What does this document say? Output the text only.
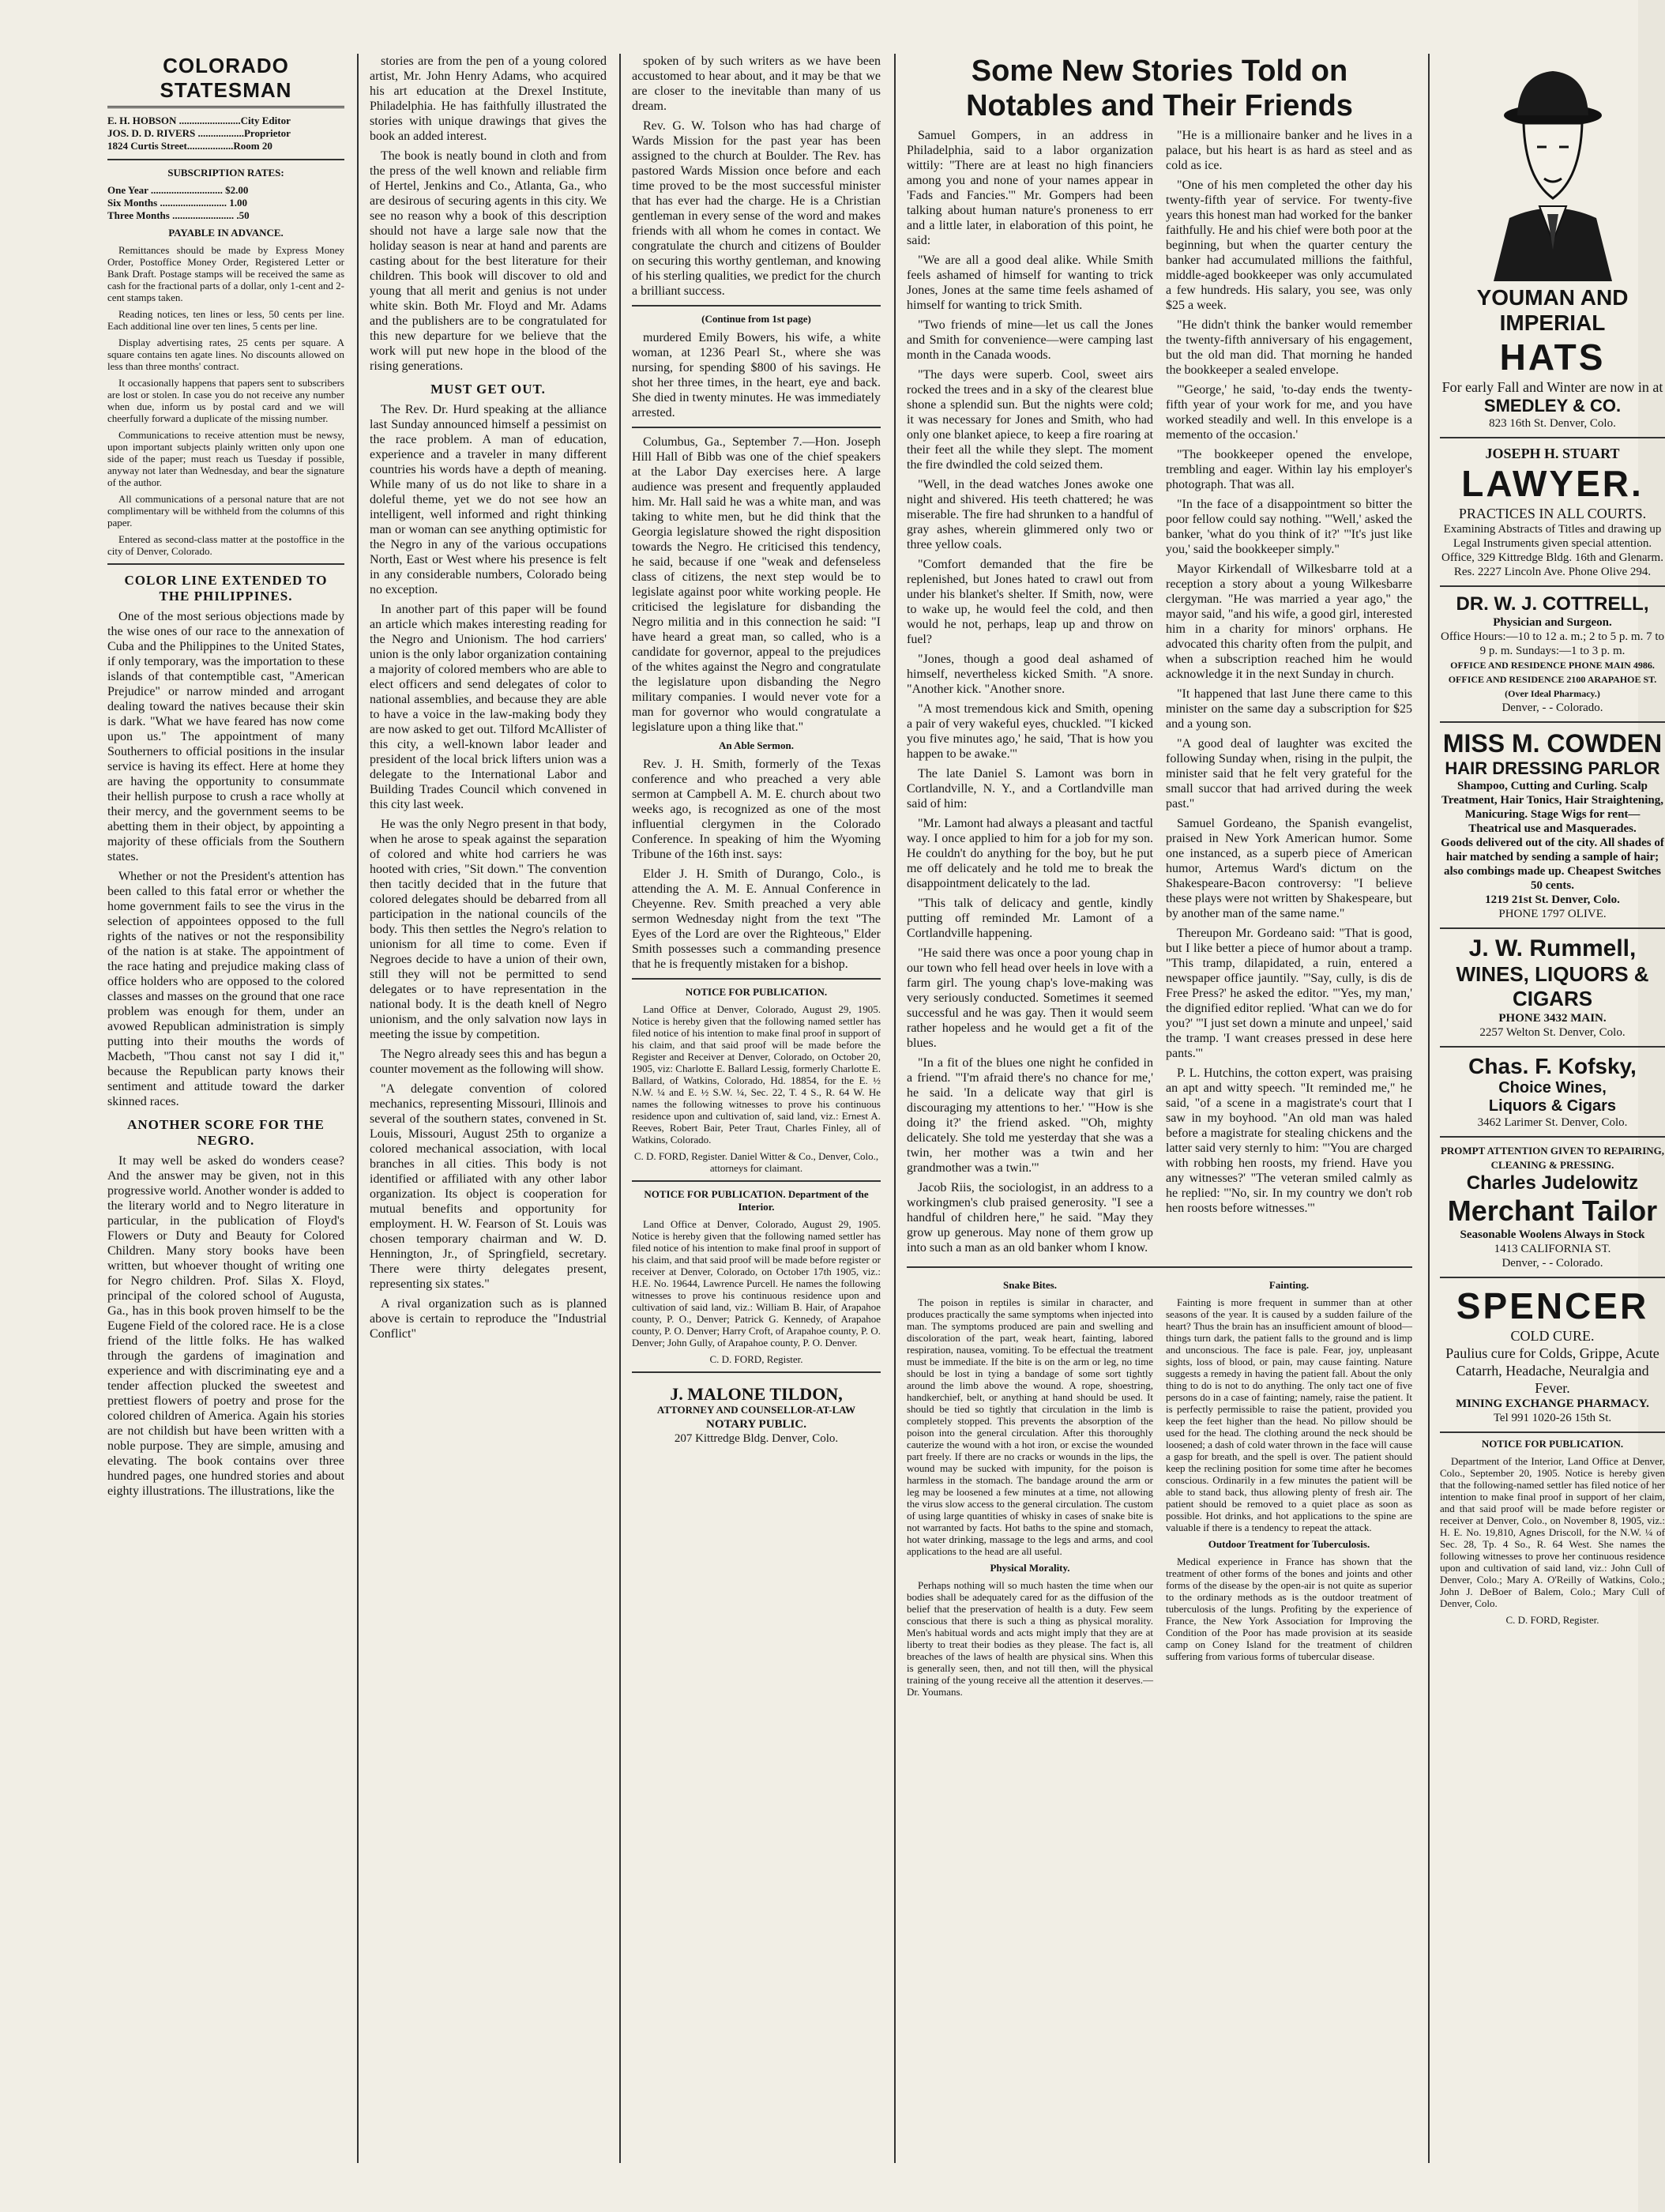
COLORADO STATESMAN
E. H. HOBSON ........................City Editor
JOS. D. D. RIVERS ..................Proprietor
1824 Curtis Street..................Room 20
SUBSCRIPTION RATES:
One Year ............................ $2.00
Six Months .......................... 1.00
Three Months ........................ .50
PAYABLE IN ADVANCE.

Remittances should be made by Express Money Order, Postoffice Money Order, Registered Letter or Bank Draft. Postage stamps will be received the same as cash for the fractional parts of a dollar, only 1-cent and 2-cent stamps taken.

Reading notices, ten lines or less, 50 cents per line. Each additional line over ten lines, 5 cents per line.

Display advertising rates, 25 cents per square. A square contains ten agate lines. No discounts allowed on less than three months' contract.

It occasionally happens that papers sent to subscribers are lost or stolen. In case you do not receive any number when due, inform us by postal card and we will cheerfully forward a duplicate of the missing number.

Communications to receive attention must be newsy, upon important subjects plainly written only upon one side of the paper; must reach us Tuesday if possible, anyway not later than Wednesday, and bear the signature of the author.

All communications of a personal nature that are not complimentary will be withheld from the columns of this paper.

Entered as second-class matter at the postoffice in the city of Denver, Colorado.

COLOR LINE EXTENDED TO THE PHILIPPINES.

One of the most serious objections made by the wise ones of our race to the annexation of Cuba and the Philippines to the United States, if only temporary, was the importation to these islands of that contemptible cast, "American Prejudice" or narrow minded and arrogant dealing toward the natives because their skin is dark. "What we have feared has now come upon us." The appointment of many Southerners to official positions in the insular service is having its effect. Here at home they are having the opportunity to consummate their hellish purpose to crush a race wholly at their mercy, and the government seems to be abetting them in their object, by appointing a majority of these officials from the Southern states.

Whether or not the President's attention has been called to this fatal error or whether the home government fails to see the virus in the selection of appointees opposed to the full rights of the natives or not the responsibility of the nation is at stake. The appointment of the race hating and prejudice making class of office holders who are opposed to the colored classes and masses on the ground that one race problem was enough for them, under an avowed Republican administration is simply putting into their mouths the words of Macbeth, "Thou canst not say I did it," because the Republican party knows their sentiment and attitude toward the darker skinned races.

ANOTHER SCORE FOR THE NEGRO.

It may well be asked do wonders cease? And the answer may be given, not in this progressive world. Another wonder is added to the literary world and to Negro literature in particular, in the publication of Floyd's Flowers or Duty and Beauty for Colored Children. Many story books have been written, but whoever thought of writing one for Negro children. Prof. Silas X. Floyd, principal of the colored school of Augusta, Ga., has in this book proven himself to be the Eugene Field of the colored race. He is a close friend of the little folks. He has walked through the gardens of imagination and experience and with discriminating eye and a tender affection plucked the sweetest and prettiest flowers of poetry and prose for the colored children of America. Again his stories are not childish but have been written with a noble purpose. They are simple, amusing and elevating. The book contains over three hundred pages, one hundred stories and about eighty illustrations. The illustrations, like the

stories are from the pen of a young colored artist, Mr. John Henry Adams, who acquired his art education at the Drexel Institute, Philadelphia. He has faithfully illustrated the stories with unique drawings that gives the book an added interest.

The book is neatly bound in cloth and from the press of the well known and reliable firm of Hertel, Jenkins and Co., Atlanta, Ga., who are desirous of securing agents in this city. We see no reason why a book of this description should not have a large sale now that the holiday season is near at hand and parents are casting about for the best literature for their children. This book will discover to old and young that all merit and genius is not under white skin. Both Mr. Floyd and Mr. Adams and the publishers are to be congratulated for this new departure for we believe that the work will put new hope in the blood of the rising generations.

MUST GET OUT.

The Rev. Dr. Hurd speaking at the alliance last Sunday announced himself a pessimist on the race problem. A man of education, experience and a traveler in many different countries his words have a depth of meaning. While many of us do not like to share in a doleful theme, yet we do not see how an intelligent, well informed and right thinking man or woman can see anything optimistic for the Negro in any of the various occupations North, East or West where his presence is felt in any considerable numbers, Colorado being no exception.

In another part of this paper will be found an article which makes interesting reading for the Negro and Unionism. The hod carriers' union is the only labor organization containing a majority of colored members who are able to elect officers and send delegates of color to national assemblies, and because they are able to have a voice in the law-making body they are now asked to get out. Tilford McAllister of this city, a well-known labor leader and president of the local brick lifters union was a delegate to the International Labor and Building Trades Council which convened in this city last week.

He was the only Negro present in that body, when he arose to speak against the separation of colored and white hod carriers he was hooted with cries, "Sit down." The convention then tacitly decided that in the future that colored delegates should be debarred from all participation in the national councils of the body. This then settles the Negro's relation to unionism for all time to come. Even if Negroes decide to have a union of their own, still they will not be permitted to send delegates or to have representation in the national body. It is the death knell of Negro unionism, and the only salvation now lays in meeting the issue by competition.

The Negro already sees this and has begun a counter movement as the following will show.

"A delegate convention of colored mechanics, representing Missouri, Illinois and several of the southern states, convened in St. Louis, Missouri, August 25th to organize a colored mechanical association, with local branches in all cities. This body is not identified or affiliated with any other labor organization. Its object is cooperation for mutual benefits and opportunity for employment. H. W. Fearson of St. Louis was chosen temporary chairman and W. D. Hennington, Jr., of Springfield, secretary. There were thirty delegates present, representing six states."

A rival organization such as is planned above is certain to reproduce the "Industrial Conflict"

spoken of by such writers as we have been accustomed to hear about, and it may be that we are closer to the inevitable than many of us dream.

Rev. G. W. Tolson who has had charge of Wards Mission for the past year has been assigned to the church at Boulder. The Rev. has pastored Wards Mission once before and each time proved to be the most successful minister that has ever had the charge. He is a Christian gentleman in every sense of the word and makes friends with all whom he comes in contact. We congratulate the church and citizens of Boulder on securing this worthy gentleman, and knowing of his sterling qualities, we predict for the church a brilliant success.

(Continue from 1st page)

murdered Emily Bowers, his wife, a white woman, at 1236 Pearl St., where she was nursing, for spending $800 of his savings. He shot her three times, in the heart, eye and back. She died in twenty minutes. He was immediately arrested.

Columbus, Ga., September 7.—Hon. Joseph Hill Hall of Bibb was one of the chief speakers at the Labor Day exercises here. A large audience was present and frequently applauded him. Mr. Hall said he was a white man, and was taking to white men, but he did think that the Georgia legislature showed the right disposition towards the Negro. He criticised this tendency, he said, because if one "weak and defenseless class of citizens, the next step would be to legislate against poor white working people. He criticised the legislature for disbanding the Negro militia and in this connection he said: "I have heard a great man, so called, who is a candidate for governor, appeal to the prejudices of the whites against the Negro and congratulate the legislature upon disbanding the Negro military companies. I would never vote for a man for governor who would congratulate a legislature upon a thing like that."

An Able Sermon.

Rev. J. H. Smith, formerly of the Texas conference and who preached a very able sermon at Campbell A. M. E. church about two weeks ago, is recognized as one of the most influential clergymen in the Colorado Conference. In speaking of him the Wyoming Tribune of the 16th inst. says:

Elder J. H. Smith of Durango, Colo., is attending the A. M. E. Annual Conference in Cheyenne. Rev. Smith preached a very able sermon Wednesday night from the text "The Eyes of the Lord are over the Righteous," Elder Smith possesses such a commanding presence that he is frequently mistaken for a bishop.

NOTICE FOR PUBLICATION.

Land Office at Denver, Colorado, August 29, 1905. Notice is hereby given that the following named settler has filed notice of his intention to make final proof in support of his claim, and that said proof will be made before the Register and Receiver at Denver, Colorado, on October 20, 1905, viz: Charlotte E. Ballard Lessig, formerly Charlotte E. Ballard, of Watkins, Colorado, Hd. 18854, for the E. ½ N.W. ¼ and E. ½ S.W. ¼, Sec. 22, T. 4 S., R. 64 W. He names the following witnesses to prove his continuous residence upon and cultivation of, said land, viz.: Ernest A. Reeves, Robert Bair, Peter Traut, Charles Finley, all of Watkins, Colorado.

C. D. FORD, Register. Daniel Witter & Co., Denver, Colo., attorneys for claimant.

NOTICE FOR PUBLICATION. Department of the Interior.

Land Office at Denver, Colorado, August 29, 1905. Notice is hereby given that the following named settler has filed notice of his intention to make final proof in support of his claim, and that said proof will be made before register or receiver at Denver, Colorado, on October 17th 1905, viz.: H.E. No. 19644, Lawrence Purcell. He names the following witnesses to prove his continuous residence upon and cultivation of said land, viz.: William B. Hair, of Arapahoe county, P. O., Denver; Patrick G. Kennedy, of Arapahoe county, P. O. Denver; Harry Croft, of Arapahoe county, P. O. Denver; John Gully, of Arapahoe county, P. O. Denver.

C. D. FORD, Register.

J. MALONE TILDON,
ATTORNEY AND COUNSELLOR-AT-LAW
NOTARY PUBLIC.
207 Kittredge Bldg. Denver, Colo.
Some New Stories Told on Notables and Their Friends

Samuel Gompers, in an address in Philadelphia, said to a labor organization wittily: "There are at least no high financiers among you and none of your names appear in 'Fads and Fancies.'" Mr. Gompers had been talking about human nature's proneness to err and a little later, in elaboration of this point, he said:

"We are all a good deal alike. While Smith feels ashamed of himself for wanting to trick Jones, Jones at the same time feels ashamed of himself for wanting to trick Smith.

"Two friends of mine—let us call the Jones and Smith for convenience—were camping last month in the Canada woods.

"The days were superb. Cool, sweet airs rocked the trees and in a sky of the clearest blue shone a splendid sun. But the nights were cold; it was necessary for Jones and Smith, who had only one blanket apiece, to keep a fire roaring at their feet all the while they slept. The moment the fire dwindled the cold seized them.

"Well, in the dead watches Jones awoke one night and shivered. His teeth chattered; he was miserable. The fire had shrunken to a handful of gray ashes, wherein glimmered only two or three yellow coals.

"Comfort demanded that the fire be replenished, but Jones hated to crawl out from under his blanket's shelter. If Smith, now, were to wake up, he would feel the cold, and then would he not, perhaps, leap up and throw on fuel?

"Jones, though a good deal ashamed of himself, nevertheless kicked Smith. "A snore. "Another kick. "Another snore.

"A most tremendous kick and Smith, opening a pair of very wakeful eyes, chuckled. "'I kicked you five minutes ago,' he said, 'That is how you happen to be awake.'"

The late Daniel S. Lamont was born in Cortlandville, N. Y., and a Cortlandville man said of him:

"Mr. Lamont had always a pleasant and tactful way. I once applied to him for a job for my son. He couldn't do anything for the boy, but he put me off delicately and he told me to break the disappointment delicately to the lad.

"This talk of delicacy and gentle, kindly putting off reminded Mr. Lamont of a Cortlandville happening.

"He said there was once a poor young chap in our town who fell head over heels in love with a farm girl. The young chap's love-making was very seriously conducted. Sometimes it seemed successful and he was gay. Then it would seem rather hopeless and he would get a fit of the blues.

"In a fit of the blues one night he confided in a friend. "'I'm afraid there's no chance for me,' he said. 'In a delicate way that girl is discouraging my attentions to her.' "'How is she doing it?' the friend asked. "'Oh, mighty delicately. She told me yesterday that she was a twin, her mother was a twin and her grandmother was a twin.'"

Jacob Riis, the sociologist, in an address to a workingmen's club praised generosity. "I see a handful of children here," he said. "May they grow up generous. May none of them grow up into such a man as an old banker whom I know.

"He is a millionaire banker and he lives in a palace, but his heart is as hard as steel and as cold as ice.

"One of his men completed the other day his twenty-fifth year of service. For twenty-five years this honest man had worked for the banker faithfully. He and his chief were both poor at the beginning, but when the quarter century the banker had accumulated millions the faithful, middle-aged bookkeeper was only accumulated a few hundreds. His salary, you see, was only $25 a week.

"He didn't think the banker would remember the twenty-fifth anniversary of his engagement, but the old man did. That morning he handed the bookkeeper a sealed envelope.

"'George,' he said, 'to-day ends the twenty-fifth year of your work for me, and you have worked steadily and well. In this envelope is a memento of the occasion.'

"The bookkeeper opened the envelope, trembling and eager. Within lay his employer's photograph. That was all.

"In the face of a disappointment so bitter the poor fellow could say nothing. "'Well,' asked the banker, 'what do you think of it?' "'It's just like you,' said the bookkeeper simply."

Mayor Kirkendall of Wilkesbarre told at a reception a story about a young Wilkesbarre clergyman. "He was married a year ago," the mayor said, "and his wife, a good girl, interested him in a charity for minors' orphans. He advocated this charity often from the pulpit, and when a subscription reached him he would acknowledge it in the next Sunday in church.

"It happened that last June there came to this minister on the same day a subscription for $25 and a young son.

"A good deal of laughter was excited the following Sunday when, rising in the pulpit, the minister said that he felt very grateful for the small succor that had arrived during the week past."

Samuel Gordeano, the Spanish evangelist, praised in New York American humor. Some one instanced, as a superb piece of American humor, Artemus Ward's dictum on the Shakespeare-Bacon controversy: "I believe these plays were not written by Shakespeare, but by another man of the same name."

Thereupon Mr. Gordeano said: "That is good, but I like better a piece of humor about a tramp. "This tramp, dilapidated, a ruin, entered a newspaper office jauntily. "'Say, cully, is dis de Free Press?' he asked the editor. "'Yes, my man,' the dignified editor replied. 'What can we do for you?' "'I just set down a minute and unpeel,' said the tramp. 'I want creases pressed in dese here pants.'"

P. L. Hutchins, the cotton expert, was praising an apt and witty speech. "It reminded me," he said, "of a scene in a magistrate's court that I saw in my boyhood. "An old man was haled before a magistrate for stealing chickens and the latter said very sternly to him: "'You are charged with robbing hen roosts, my friend. Have you any witnesses?' "The veteran smiled calmly as he replied: "'No, sir. In my country we don't rob hen roosts before witnesses.'"

Snake Bites.

The poison in reptiles is similar in character, and produces practically the same symptoms when injected into man. The symptoms produced are pain and swelling and discoloration of the part, weak heart, fainting, labored respiration, nausea, vomiting. To be effectual the treatment must be immediate. If the bite is on the arm or leg, no time should be lost in tying a bandage of some sort tightly around the limb above the wound. A rope, shoestring, handkerchief, belt, or anything at hand should be used. It should be tied so tightly that circulation in the limb is completely stopped. This prevents the absorption of the poison into the general circulation. After this thoroughly cauterize the wound with a hot iron, or excise the wounded part freely. If there are no cracks or wounds in the lips, the wound may be sucked with impunity, for the poison is harmless in the stomach. The bandage around the arm or leg may be loosened a few minutes at a time, not allowing the virus slow access to the general circulation. The custom of using large quantities of whisky in cases of snake bite is not warranted by facts. Hot baths to the spine and stomach, hot water drinking, massage to the legs and arms, and cool applications to the head are all useful.

Physical Morality.

Perhaps nothing will so much hasten the time when our bodies shall be adequately cared for as the diffusion of the belief that the preservation of health is a duty. Few seem conscious that there is such a thing as physical morality. Men's habitual words and acts might imply that they are at liberty to treat their bodies as they please. The fact is, all breaches of the laws of health are physical sins. When this is generally seen, then, and not till then, will the physical training of the young receive all the attention it deserves.—Dr. Youmans.

Fainting.

Fainting is more frequent in summer than at other seasons of the year. It is caused by a sudden failure of the heart? Thus the brain has an insufficient amount of blood—things turn dark, the patient falls to the ground and is limp and unconscious. The face is pale. Fear, joy, unpleasant sights, loss of blood, or pain, may cause fainting. Nature suggests a remedy in having the patient fall. About the only thing to do is not to do anything. The only tact one of five persons do in a case of fainting; namely, raise the patient. It is perfectly permissible to raise the patient, provided you keep the feet higher than the head. No pillow should be used for the head. The clothing around the neck should be loosened; a dash of cold water thrown in the face will cause a gasp for breath, and the spell is over. The patient should keep the reclining position for some time after he becomes conscious. Ordinarily in a few minutes the patient will be able to stand back, thus allowing plenty of fresh air. The patient should be removed to a quiet place as soon as possible. Hot drinks, and hot applications to the spine are valuable if there is a tendency to repeat the attack.

Outdoor Treatment for Tuberculosis.

Medical experience in France has shown that the treatment of other forms of the bones and joints and other forms of the disease by the open-air is not quite as superior to the ordinary methods as is the outdoor treatment of tuberculosis of the lungs. Profiting by the experience of France, the New York Association for Improving the Condition of the Poor has made provision at its seaside camp on Coney Island for the treatment of children suffering from various forms of tubercular disease.

YOUMAN AND IMPERIAL
HATS
For early Fall and Winter are now in at
SMEDLEY & CO.
823 16th St. Denver, Colo.
JOSEPH H. STUART
LAWYER.
PRACTICES IN ALL COURTS.
Examining Abstracts of Titles and drawing up Legal Instruments given special attention.
Office, 329 Kittredge Bldg. 16th and Glenarm. Res. 2227 Lincoln Ave. Phone Olive 294.
DR. W. J. COTTRELL,
Physician and Surgeon.
Office Hours:—10 to 12 a. m.; 2 to 5 p. m. 7 to 9 p. m. Sundays:—1 to 3 p. m.
OFFICE AND RESIDENCE PHONE MAIN 4986. OFFICE AND RESIDENCE 2100 ARAPAHOE ST. (Over Ideal Pharmacy.)
Denver, - - Colorado.
MISS M. COWDEN
HAIR DRESSING PARLOR
Shampoo, Cutting and Curling. Scalp Treatment, Hair Tonics, Hair Straightening, Manicuring. Stage Wigs for rent—Theatrical use and Masquerades.
Goods delivered out of the city. All shades of hair matched by sending a sample of hair; also combings made up. Cheapest Switches 50 cents.
1219 21st St. Denver, Colo.
PHONE 1797 OLIVE.
J. W. Rummell,
WINES, LIQUORS & CIGARS
PHONE 3432 MAIN.
2257 Welton St. Denver, Colo.
Chas. F. Kofsky,
Choice Wines,
Liquors & Cigars
3462 Larimer St. Denver, Colo.
PROMPT ATTENTION GIVEN TO REPAIRING, CLEANING & PRESSING.
Charles Judelowitz
Merchant Tailor
Seasonable Woolens Always in Stock
1413 CALIFORNIA ST.
Denver, - - Colorado.
SPENCER
COLD CURE.
Paulius cure for Colds, Grippe, Acute Catarrh, Headache, Neuralgia and Fever.
MINING EXCHANGE PHARMACY.
Tel 991 1020-26 15th St.
NOTICE FOR PUBLICATION.

Department of the Interior, Land Office at Denver, Colo., September 20, 1905. Notice is hereby given that the following-named settler has filed notice of her intention to make final proof in support of her claim, and that said proof will be made before register or receiver at Denver, Colo., on November 8, 1905, viz.: H. E. No. 19,810, Agnes Driscoll, for the N.W. ¼ of Sec. 28, Tp. 4 So., R. 64 West. She names the following witnesses to prove her continuous residence upon and cultivation of said land, viz.: John Cull of Denver, Colo.; Mary A. O'Reilly of Watkins, Colo.; John J. DeBoer of Balem, Colo.; Mary Cull of Denver, Colo.

C. D. FORD, Register.
